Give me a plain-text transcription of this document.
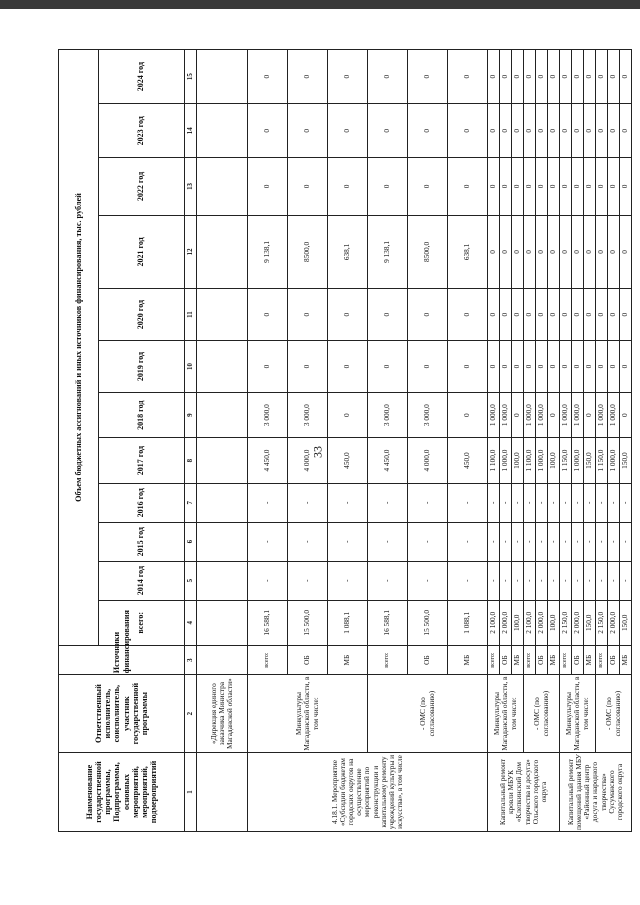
33
Наименование государственной программы, Подпрограммы, основных мероприятий, мероприятий, подмероприятий	Ответственный исполнитель, соисполнитель, участник государственной программы	Источники финансирования	Объем бюджетных ассигнований и иных источников финансирования, тыс. рублей											
			всего:	2014 год	2015 год	2016 год	2017 год	2018 год	2019 год	2020 год	2021 год	2022 год	2023 год	2024 год
1	2	3	4	5	6	7	8	9	10	11	12	13	14	15
	«Дирекция единого заказчика Министра Магаданской области»													
4.18.1. Мероприятие «Субсидии бюджетам городских округов на осуществление мероприятий по реконструкции и капитальному ремонту учреждений культуры и искусства», в том числе	Минкультуры Магаданской области, в том числе:	всего:	16 588,1	-	-	-	4 450,0	3 000,0	0	0	9 138,1	0	0	0
		ОБ	15 500,0	-	-	-	4 000,0	3 000,0	0	0	8500,0	0	0	0
		МБ	1 088,1	-	-	-	450,0	0	0	0	638,1	0	0	0
	- ОМС (по согласованию)	всего:	16 588,1	-	-	-	4 450,0	3 000,0	0	0	9 138,1	0	0	0
		ОБ	15 500,0	-	-	-	4 000,0	3 000,0	0	0	8500,0	0	0	0
		МБ	1 088,1	-	-	-	450,0	0	0	0	638,1	0	0	0
Капитальный ремонт кровли МБУК «Клепкинский Дом творчества и досуга» Ольского городского округа	Минкультуры Магаданской области, в том числе:	всего:	2 100,0	-	-	-	1 100,0	1 000,0	0	0	0	0	0	0
		ОБ	2 000,0	-	-	-	1 000,0	1 000,0	0	0	0	0	0	0
		МБ	100,0	-	-	-	100,0	0	0	0	0	0	0	0
	- ОМС (по согласованию)	всего:	2 100,0	-	-	-	1 100,0	1 000,0	0	0	0	0	0	0
		ОБ	2 000,0	-	-	-	1 000,0	1 000,0	0	0	0	0	0	0
		МБ	100,0	-	-	-	100,0	0	0	0	0	0	0	0
Капитальный ремонт помещений здания МБУ «Районный центр досуга и народного творчества» Сусуманского городского округа	Минкультуры Магаданской области, в том числе:	всего:	2 150,0	-	-	-	1 150,0	1 000,0	0	0	0	0	0	0
		ОБ	2 000,0	-	-	-	1 000,0	1 000,0	0	0	0	0	0	0
		МБ	150,0	-	-	-	150,0	0	0	0	0	0	0	0
	- ОМС (по согласованию)	всего:	2 150,0	-	-	-	1 150,0	1 000,0	0	0	0	0	0	0
		ОБ	2 000,0	-	-	-	1 000,0	1 000,0	0	0	0	0	0	0
		МБ	150,0	-	-	-	150,0	0	0	0	0	0	0	0
